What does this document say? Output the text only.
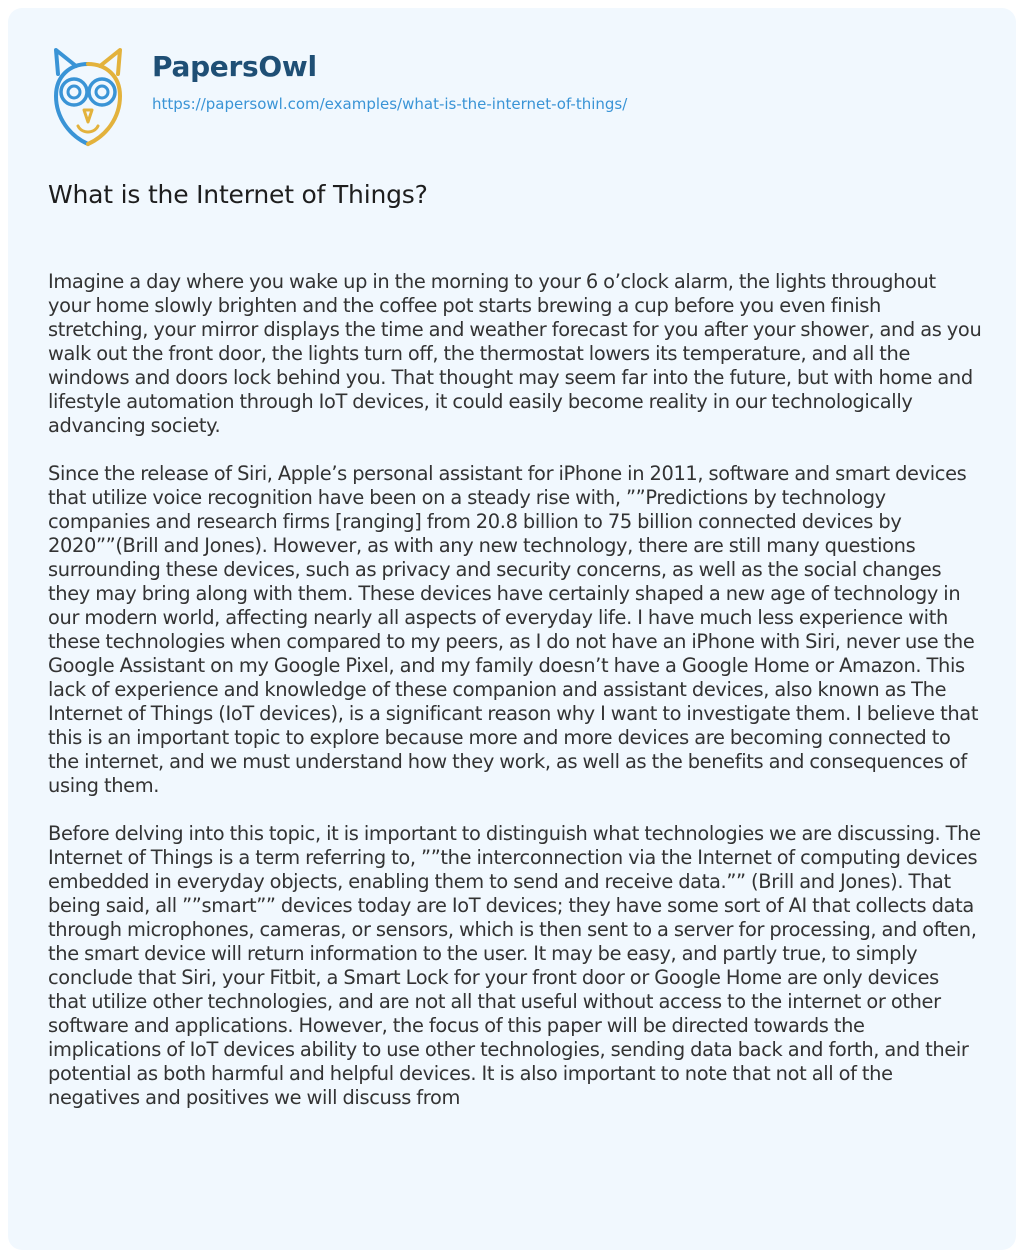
PapersOwl
https://papersowl.com/examples/what-is-the-internet-of-things/
What is the Internet of Things?

Imagine a day where you wake up in the morning to your 6 o’clock alarm, the lights throughout your home slowly brighten and the coffee pot starts brewing a cup before you even finish stretching, your mirror displays the time and weather forecast for you after your shower, and as you walk out the front door, the lights turn off, the thermostat lowers its temperature, and all the windows and doors lock behind you. That thought may seem far into the future, but with home and lifestyle automation through IoT devices, it could easily become reality in our technologically advancing society.

Since the release of Siri, Apple’s personal assistant for iPhone in 2011, software and smart devices that utilize voice recognition have been on a steady rise with, ””Predictions by technology companies and research firms [ranging] from 20.8 billion to 75 billion connected devices by 2020””(Brill and Jones). However, as with any new technology, there are still many questions surrounding these devices, such as privacy and security concerns, as well as the social changes they may bring along with them. These devices have certainly shaped a new age of technology in our modern world, affecting nearly all aspects of everyday life. I have much less experience with these technologies when compared to my peers, as I do not have an iPhone with Siri, never use the Google Assistant on my Google Pixel, and my family doesn’t have a Google Home or Amazon. This lack of experience and knowledge of these companion and assistant devices, also known as The Internet of Things (IoT devices), is a significant reason why I want to investigate them. I believe that this is an important topic to explore because more and more devices are becoming connected to the internet, and we must understand how they work, as well as the benefits and consequences of using them.

Before delving into this topic, it is important to distinguish what technologies we are discussing. The Internet of Things is a term referring to, ””the interconnection via the Internet of computing devices embedded in everyday objects, enabling them to send and receive data.”” (Brill and Jones). That being said, all ””smart”” devices today are IoT devices; they have some sort of AI that collects data through microphones, cameras, or sensors, which is then sent to a server for processing, and often, the smart device will return information to the user. It may be easy, and partly true, to simply conclude that Siri, your Fitbit, a Smart Lock for your front door or Google Home are only devices that utilize other technologies, and are not all that useful without access to the internet or other software and applications. However, the focus of this paper will be directed towards the implications of IoT devices ability to use other technologies, sending data back and forth, and their potential as both harmful and helpful devices. It is also important to note that not all of the negatives and positives we will discuss from
